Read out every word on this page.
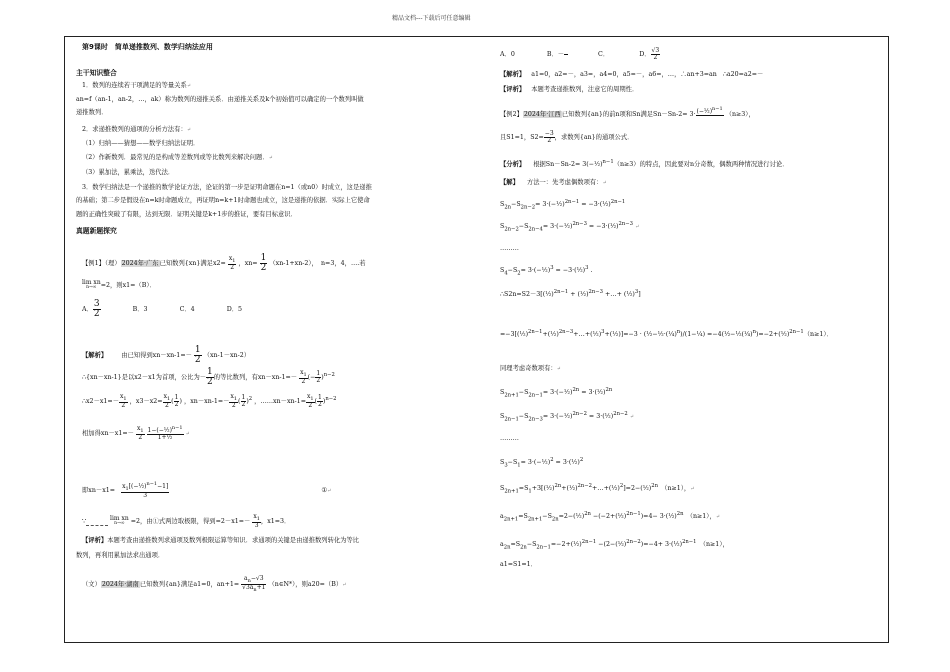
精品文档---下载后可任意编辑
第9课时　简单递推数列、数学归纳法应用
主干知识整合
1．数列的连续若干项满足的等量关系↵
an=f（an-1，an-2，…，ak）称为数列的递推关系．由递推关系及k个初始值可以确定的一个数列叫做
递推数列．
2．求递推数列的通项的分析方法有：↵
（1）归纳——猜想——数学归纳法证明．
（2）作新数列．最常见的是构成等差数列或等比数列来解决问题．↵
（3）累加法，累乘法，迭代法．
3．数学归纳法是一个递推的数学论证方法，论证的第一步是证明命题在n=1（或n0）时成立，这是递推
的基础；第二步是假设在n=k时命题成立，再证明n=k+1时命题也成立，这是递推的依据．实际上它使命
题的正确性突破了有限，达到无限．证明关键是k+1步的推证，要有目标意识．
真题新题探究
【例1】（理）2024年·广东已知数列{xn}满足$x2= \frac{x_1}{2}$ ，$xn= \frac{1}{2} (xn-1+xn-2)$，　n=3，4，….若
lim xn
n→∞ =2，则x1=（B）．
A． $\frac{3}{2}$	B．3	C．4	D．5
【解析】 由已知得到$xn-xn-1=- \frac{1}{2} (xn-1-xn-2)$
∴{xn－xn-1}是以x2－x1为首项，公比为－ $\frac{1}{2}$ 的等比数列，有$xn-xn-1=- \frac{x_1}{2}$ (− $\frac{1}{2} )^{n-2}$
∴x2－x1=－ $\frac{x_1}{2}$ ，$x3-x2= \frac{x_1}{2}$ ( $\frac{1}{2}$ ) ，$xn-xn-1=- \frac{x_1}{2}$ ( $\frac{1}{2} )^2$ ，……xn－xn-1= $\frac{x_1}{2}$ ( $\frac{1}{2} )^{n-2}$
相加得$xn-x1=- \frac{x_1}{2}$
$\frac{1-(-\frac{1}{2})^{n-1}}{\text{1+½}}$ ↵
即$xn-x1= \frac{x_1[(-\frac{1}{2})^{n-1}-1]}{3}$	①↵
∵	lim xn
n→∞ =2，由①式两边取极限，得到$=2-x1=- \frac{x_1}{3}$ ，x1=3．
【评析】本题考查由递推数列求通项及数列极限运算等知识．求通项的关键是由递推数列转化为等比
数列，再利用累加法求出通项．
（文）2024年·湖南已知数列{an}满足a1=0，$an+1= \frac{a_n-√3}{√3a_n+1}$ （n∈N*），则a20=（B）↵
A．0	B．－

	C．	D． $\frac{√3}{2}$
【解析】 a1=0，a2=－，a3=，a4=0，a5=－，a6=，…，∴an+3=an ∴a20=a2=－
【评析】 本题考查递推数列，注意它的周期性．
【例2】2024年·江西已知数列{an}的前n项和Sn满足Sn－Sn-2= 3· (−½)$^{n-1}$

（n≥3），
且S1=1，$S2= \frac{-3}{2}$ ，求数列{an}的通项公式．
【分析】 根据Sn－Sn-2= 3(−½)$^{n-1}$（n≥3）的特点，因此要对n分奇数，偶数两种情况进行讨论．
【解】 方法一：先考虑偶数项有：↵
$S_{2n}-S_{2n-2}=$ 3·(−½)$^{2n-1}$ = −3·(½)$^{2n-1}$
$S_{2n-2}-S_{2n-4}=$ 3·(−½)$^{2n-3}$ = −3·(½)$^{2n-3}$ ↵
………
$S_4-S_2=$ 3·(−½)$^3$ = −3·(½)$^3$ .
∴S2n=S2－3[(½)$^{2n-1}$ + (½)$^{2n-3}$ +…+ (½)$^3$]
=−3[(½)$^{2n-1}$+(½)$^{2n-3}$+…+(½)$^3$+(½)]=−3 · (½−½·(¼)$^n$)/(1−¼) =−4(½−½(¼)$^n$)=−2+(½)$^{2n-1}$（n≥1）．
同理考虑奇数项有：↵
$S_{2n+1}-S_{2n-1}=$ 3·(−½)$^{2n}$ = 3·(½)$^{2n}$
$S_{2n-1}-S_{2n-3}=$ 3·(−½)$^{2n-2}$ = 3·(½)$^{2n-2}$ ↵
………
$S_3-S_1=$ 3·(−½)$^2$ = 3·(½)$^2$
$S_{2n+1}=S_1+3[(\frac{1}{2})^{2n}+(\frac{1}{2})^{2n-2}+\dots+(\frac{1}{2})^2]=2-(\frac{1}{2})^{2n}$　 （n≥1），↵
$a_{2n+1}=S_{2n+1}-S_{2n}=2-(\frac{1}{2})^{2n}$ −(−2+(½)$^{2n-1}$)=4− 3·(½)$^{2n}$　 （n≥1），↵
$a_{2n}=S_{2n}-S_{2n-1}=-2+(\frac{1}{2})^{2n-1}$ −(2−(½)$^{2n-2}$)=−4+ 3·(½)$^{2n-1}$　 （n≥1），
a1=S1=1．
